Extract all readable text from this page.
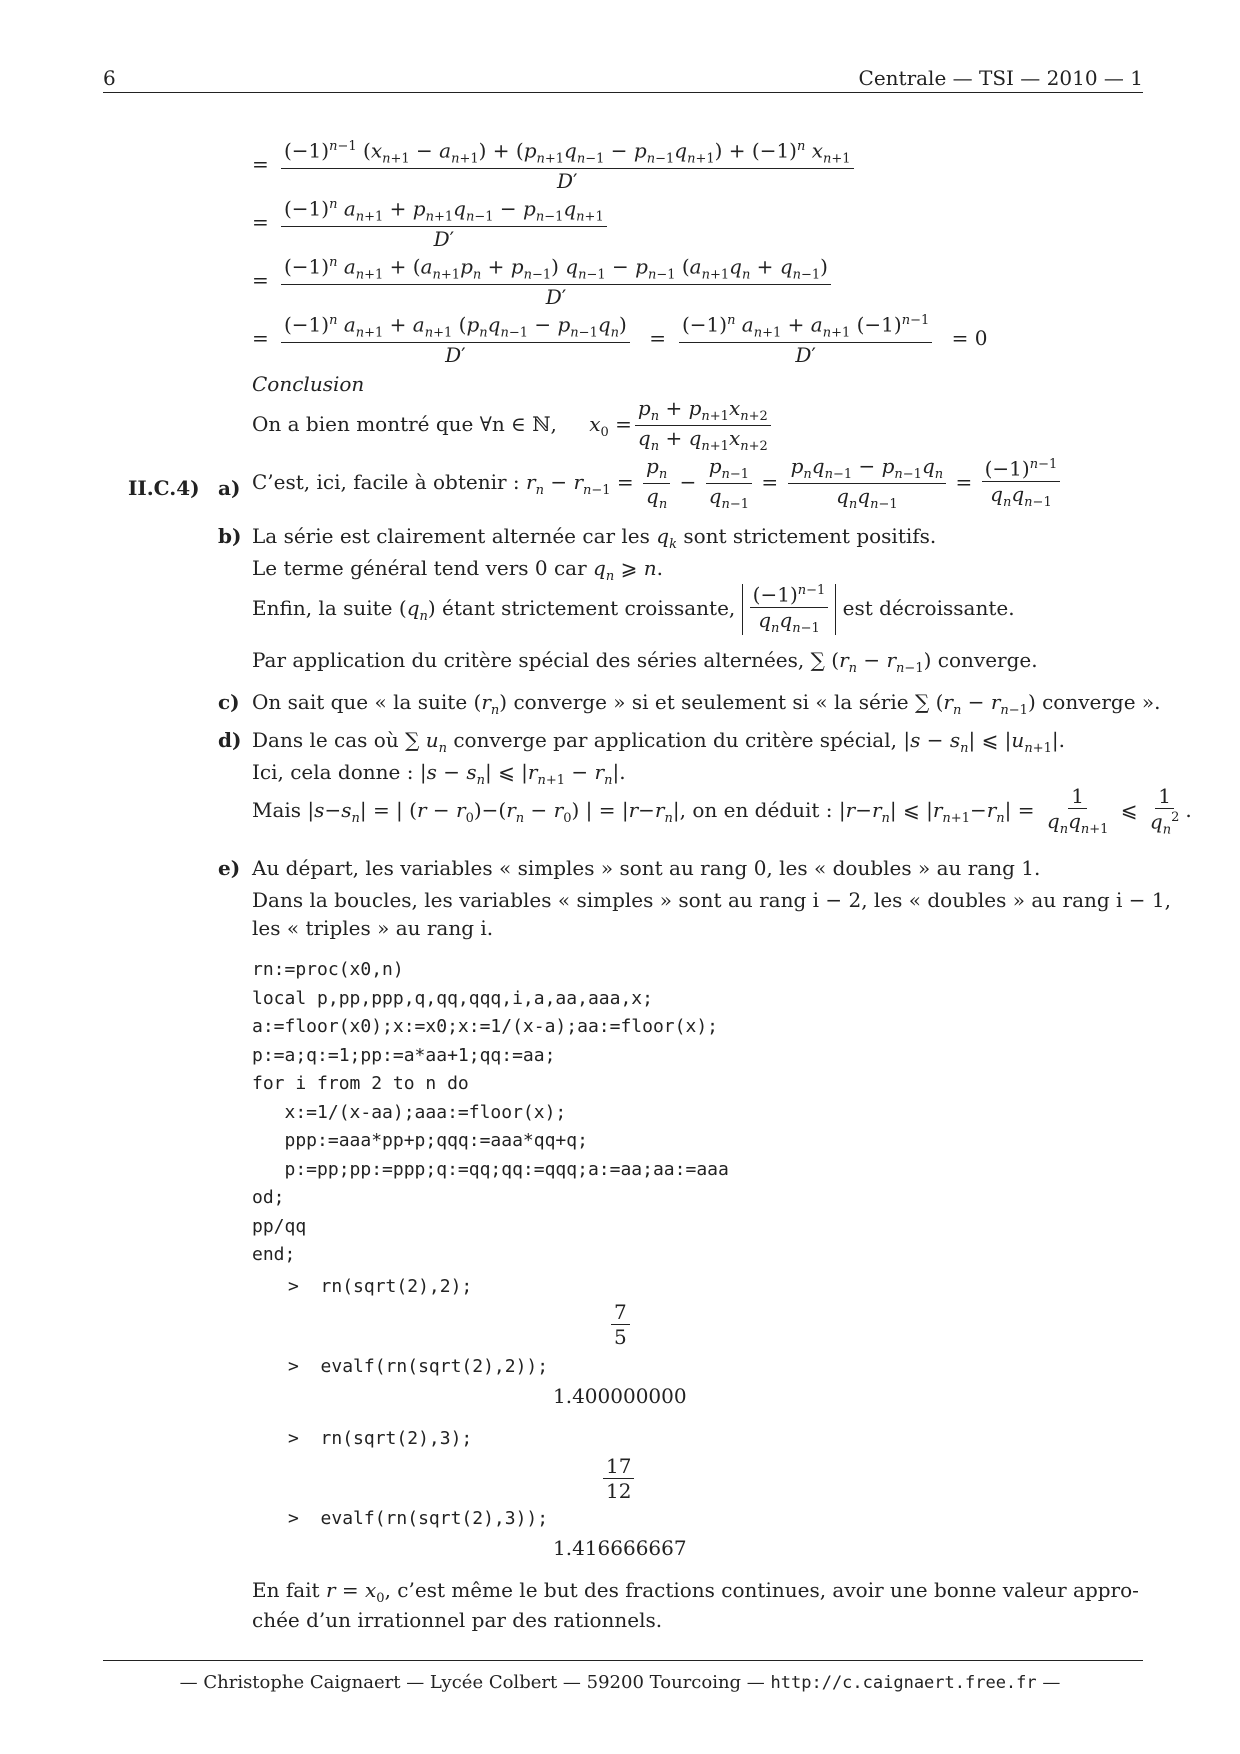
6	Centrale — TSI — 2010 — 1
= $\frac{(-1)^{n-1} (x_{n+1} - a_{n+1}) + (p_{n+1}q_{n-1} - p_{n-1}q_{n+1}) + (-1)^n x_{n+1}}{D'}$
= $\frac{(-1)^n a_{n+1} + p_{n+1}q_{n-1} - p_{n-1}q_{n+1}}{D'}$
= $\frac{(-1)^n a_{n+1} + (a_{n+1}p_n + p_{n-1}) q_{n-1} - p_{n-1} (a_{n+1}q_n + q_{n-1})}{D'}$
= $\frac{(-1)^n a_{n+1} + a_{n+1} (p_nq_{n-1} - p_{n-1}q_n)}{D'} = \frac{(-1)^n a_{n+1} + a_{n+1} (-1)^{n-1}}{D'} = 0$
Conclusion
On a bien montré que ∀n ∈ ℕ, $x_0 = \frac{p_n + p_{n+1}x_{n+2}}{q_n + q_{n+1}x_{n+2}}$
II.C.4) a) C’est, ici, facile à obtenir : $r_n - r_{n-1} = \frac{p_n}{q_n} - \frac{p_{n-1}}{q_{n-1}} = \frac{p_nq_{n-1} - p_{n-1}q_n}{q_nq_{n-1}} = \frac{(-1)^{n-1}}{q_nq_{n-1}}$
b) La série est clairement alternée car les $q_k$ sont strictement positifs.
Le terme général tend vers 0 car $q_n$ ⩾ n.
Enfin, la suite $(q_n)$ étant strictement croissante, $\frac{(-1)^{n-1}}{q_nq_{n-1}}$ est décroissante.
Par application du critère spécial des séries alternées, ∑ $(r_n - r_{n-1})$ converge.
c) On sait que « la suite $(r_n)$ converge » si et seulement si « la série ∑ $(r_n - r_{n-1})$ converge ».
d) Dans le cas où ∑ $u_n$ converge par application du critère spécial, $|s - s_n|$ ⩽ $|u_{n+1}|$.
Ici, cela donne : $|s - s_n|$ ⩽ $|r_{n+1} - r_n|$.
Mais $|s-s_n|$ = | $(r - r_0)-(r_n - r_0)$ | = $|r-r_n|$, on en déduit : $|r-r_n|$ ⩽ $|r_{n+1}-r_n| = \frac{1}{q_nq_{n+1}}$ ⩽ $\frac{1}{q_n^2}$ .
e) Au départ, les variables « simples » sont au rang 0, les « doubles » au rang 1.
Dans la boucles, les variables « simples » sont au rang i − 2, les « doubles » au rang i − 1,
les « triples » au rang i.
rn:=proc(x0,n)
local p,pp,ppp,q,qq,qqq,i,a,aa,aaa,x;
a:=floor(x0);x:=x0;x:=1/(x-a);aa:=floor(x);
p:=a;q:=1;pp:=a*aa+1;qq:=aa;
for i from 2 to n do
x:=1/(x-aa);aaa:=floor(x);
ppp:=aaa*pp+p;qqq:=aaa*qq+q;
p:=pp;pp:=ppp;q:=qq;qq:=qqq;a:=aa;aa:=aaa
od;
pp/qq
end;
> rn(sqrt(2),2);
$\frac{7}{5}$
> evalf(rn(sqrt(2),2));
1.400000000
> rn(sqrt(2),3);
$\frac{17}{12}$
> evalf(rn(sqrt(2),3));
1.416666667
En fait $r = x_0$, c’est même le but des fractions continues, avoir une bonne valeur appro-
chée d’un irrationnel par des rationnels.
— Christophe Caignaert — Lycée Colbert — 59200 Tourcoing — http://c.caignaert.free.fr —
